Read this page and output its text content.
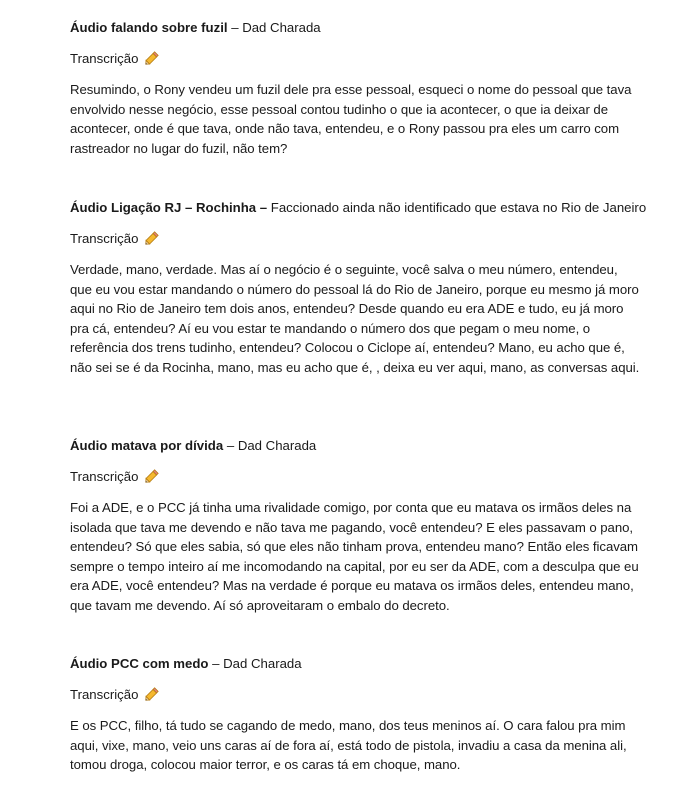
Áudio falando sobre fuzil – Dad Charada
Transcrição
Resumindo, o Rony vendeu um fuzil dele pra esse pessoal, esqueci o nome do pessoal que tava envolvido nesse negócio, esse pessoal contou tudinho o que ia acontecer, o que ia deixar de acontecer, onde é que tava, onde não tava, entendeu, e o Rony passou pra eles um carro com rastreador no lugar do fuzil, não tem?
Áudio Ligação RJ – Rochinha – Faccionado ainda não identificado que estava no Rio de Janeiro
Transcrição
Verdade, mano, verdade. Mas aí o negócio é o seguinte, você salva o meu número, entendeu, que eu vou estar mandando o número do pessoal lá do Rio de Janeiro, porque eu mesmo já moro aqui no Rio de Janeiro tem dois anos, entendeu? Desde quando eu era ADE e tudo, eu já moro pra cá, entendeu? Aí eu vou estar te mandando o número dos que pegam o meu nome, o referência dos trens tudinho, entendeu? Colocou o Ciclope aí, entendeu? Mano, eu acho que é, não sei se é da Rocinha, mano, mas eu acho que é, , deixa eu ver aqui, mano, as conversas aqui.
Áudio matava por dívida – Dad Charada
Transcrição
Foi a ADE, e o PCC já tinha uma rivalidade comigo, por conta que eu matava os irmãos deles na isolada que tava me devendo e não tava me pagando, você entendeu? E eles passavam o pano, entendeu? Só que eles sabia, só que eles não tinham prova, entendeu mano? Então eles ficavam sempre o tempo inteiro aí me incomodando na capital, por eu ser da ADE, com a desculpa que eu era ADE, você entendeu? Mas na verdade é porque eu matava os irmãos deles, entendeu mano, que tavam me devendo. Aí só aproveitaram o embalo do decreto.
Áudio PCC com medo – Dad Charada
Transcrição
E os PCC, filho, tá tudo se cagando de medo, mano, dos teus meninos aí. O cara falou pra mim aqui, vixe, mano, veio uns caras aí de fora aí, está todo de pistola, invadiu a casa da menina ali, tomou droga, colocou maior terror, e os caras tá em choque, mano.
